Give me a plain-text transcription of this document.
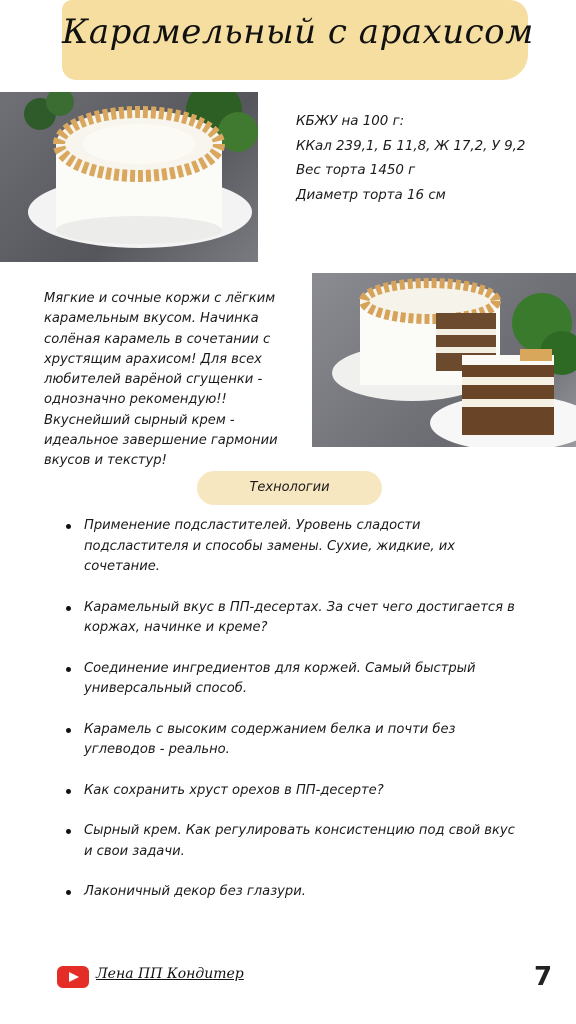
Карамельный с арахисом
КБЖУ на 100 г:
ККал 239,1, Б 11,8, Ж 17,2, У 9,2
Вес торта 1450 г
Диаметр торта 16 см
Мягкие и сочные коржи с лёгким карамельным вкусом. Начинка солёная карамель в сочетании с хрустящим арахисом! Для всех любителей варёной сгущенки - однозначно рекомендую!! Вкуснейший сырный крем - идеальное завершение гармонии вкусов и текстур!
Технологии
Применение подсластителей. Уровень сладости подсластителя и способы замены. Сухие, жидкие, их сочетание.
Карамельный вкус в ПП-десертах. За счет чего достигается в коржах, начинке и креме?
Соединение ингредиентов для коржей. Самый быстрый универсальный способ.
Карамель с высоким содержанием белка и почти без углеводов - реально.
Как сохранить хруст орехов в ПП-десерте?
Сырный крем. Как регулировать консистенцию под свой вкус и свои задачи.
Лаконичный декор без глазури.
Лена ПП Кондитер	7
